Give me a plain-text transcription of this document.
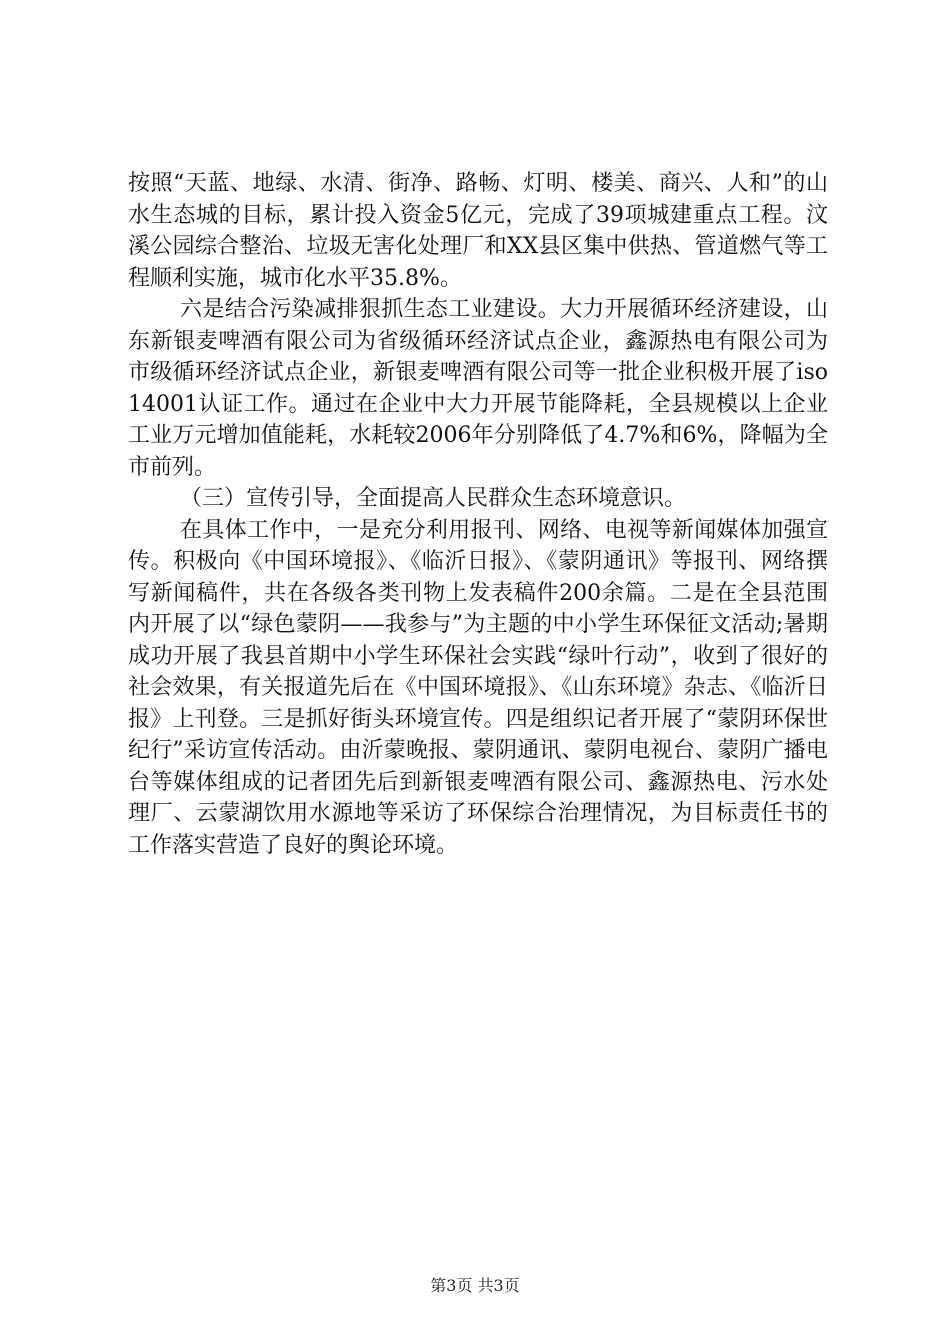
按照“天蓝、地绿、水清、街净、路畅、灯明、楼美、商兴、人和”的山水生态城的目标，累计投入资金5亿元，完成了39项城建重点工程。汶溪公园综合整治、垃圾无害化处理厂和XX县区集中供热、管道燃气等工程顺利实施，城市化水平35.8%。

六是结合污染减排狠抓生态工业建设。大力开展循环经济建设，山东新银麦啤酒有限公司为省级循环经济试点企业，鑫源热电有限公司为市级循环经济试点企业，新银麦啤酒有限公司等一批企业积极开展了iso14001认证工作。通过在企业中大力开展节能降耗，全县规模以上企业工业万元增加值能耗，水耗较2006年分别降低了4.7%和6%，降幅为全市前列。

（三）宣传引导，全面提高人民群众生态环境意识。

在具体工作中，一是充分利用报刊、网络、电视等新闻媒体加强宣传。积极向《中国环境报》、《临沂日报》、《蒙阴通讯》等报刊、网络撰写新闻稿件，共在各级各类刊物上发表稿件200余篇。二是在全县范围内开展了以“绿色蒙阴——我参与”为主题的中小学生环保征文活动;暑期成功开展了我县首期中小学生环保社会实践“绿叶行动”，收到了很好的社会效果，有关报道先后在《中国环境报》、《山东环境》杂志、《临沂日报》上刊登。三是抓好街头环境宣传。四是组织记者开展了“蒙阴环保世纪行”采访宣传活动。由沂蒙晚报、蒙阴通讯、蒙阴电视台、蒙阴广播电台等媒体组成的记者团先后到新银麦啤酒有限公司、鑫源热电、污水处理厂、云蒙湖饮用水源地等采访了环保综合治理情况，为目标责任书的工作落实营造了良好的舆论环境。

第3页 共3页
